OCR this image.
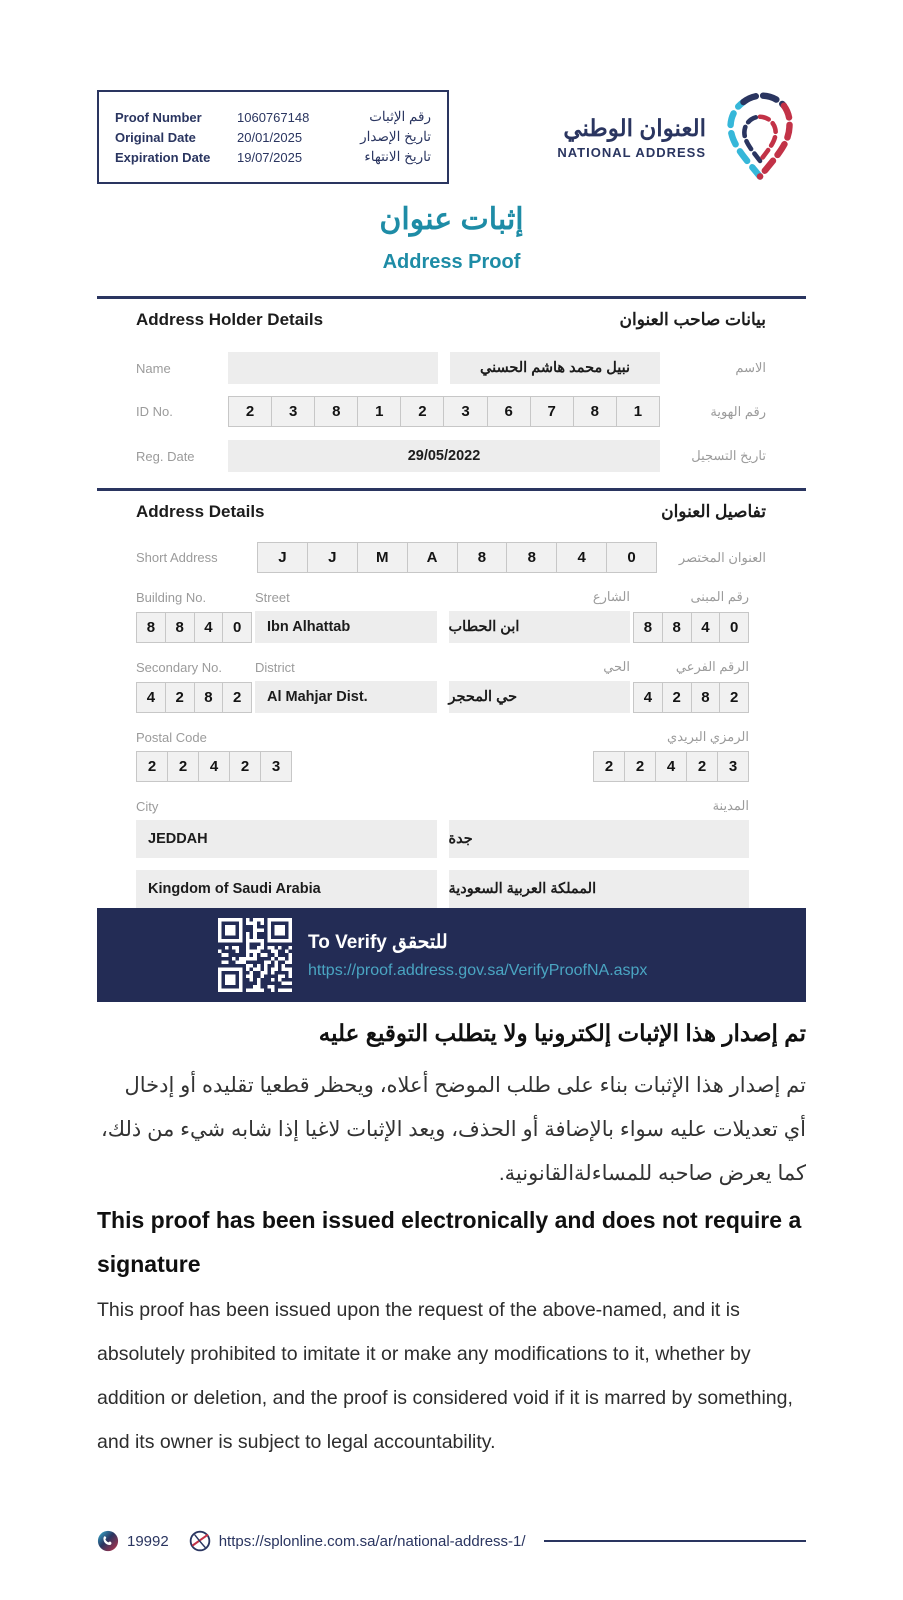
Proof Number	1060767148	رقم الإثبات
Original Date	20/01/2025	تاريخ الإصدار
Expiration Date	19/07/2025	تاريخ الانتهاء
العنوان الوطني
NATIONAL ADDRESS
إثبات عنوان
Address Proof
Address Holder Details	بيانات صاحب العنوان
Name	نبيل محمد هاشم الحسني	الاسم
ID No.	2	3	8	1	2	3	6	7	8	1	رقم الهوية
Reg. Date	29/05/2022	تاريخ التسجيل
Address Details	تفاصيل العنوان
Short Address	J	J	M	A	8	8	4	0	العنوان المختصر
Building No.	Street	الشارع	رقم المبنى
8	8	4	0	Ibn Alhattab	ابن الحطاب	8	8	4	0
Secondary No.	District	الحي	الرقم الفرعي
4	2	8	2	Al Mahjar Dist.	حي المحجر	4	2	8	2
Postal Code	الرمزي البريدي
2	2	4	2	3	2	2	4	2	3
City	المدينة
JEDDAH	جدة
Kingdom of Saudi Arabia	المملكة العربية السعودية
To Verify للتحقق
https://proof.address.gov.sa/VerifyProofNA.aspx
تم إصدار هذا الإثبات إلكترونيا ولا يتطلب التوقيع عليه
تم إصدار هذا الإثبات بناء على طلب الموضح أعلاه، ويحظر قطعيا تقليده أو إدخال أي تعديلات عليه سواء بالإضافة أو الحذف، ويعد الإثبات لاغيا إذا شابه شيء من ذلك، كما يعرض صاحبه للمساءلةالقانونية.
This proof has been issued electronically and does not require a signature
This proof has been issued upon the request of the above-named, and it is absolutely prohibited to imitate it or make any modifications to it, whether by addition or deletion, and the proof is considered void if it is marred by something, and its owner is subject to legal accountability.
19992	https://splonline.com.sa/ar/national-address-1/
